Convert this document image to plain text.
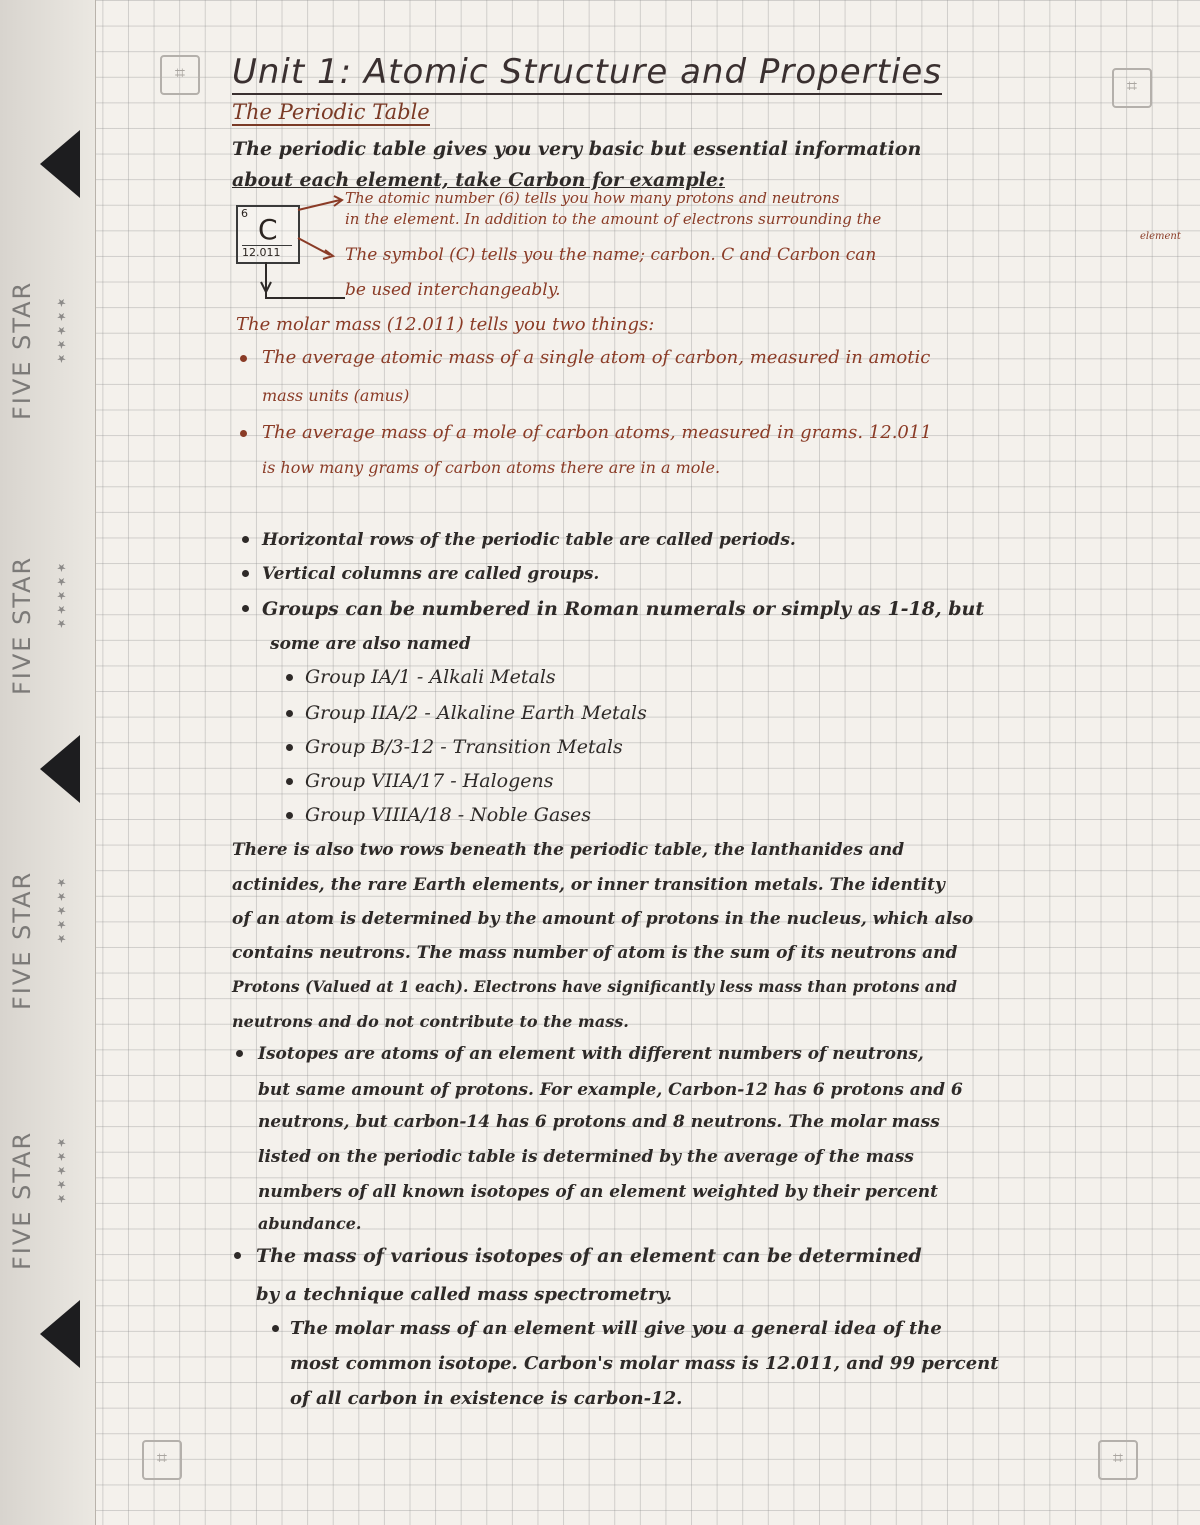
FIVE STAR	★★★★★
FIVE STAR	★★★★★
FIVE STAR	★★★★★
FIVE STAR	★★★★★
⌗
⌗
⌗	⌗
Unit 1: Atomic Structure and Properties
The Periodic Table
The periodic table gives you very basic but essential information
about each element, take Carbon for example:
6 C
12.011
The atomic number (6) tells you how many protons and neutrons
in the element. In addition to the amount of electrons surrounding the
element
The symbol (C) tells you the name; carbon. C and Carbon can
be used interchangeably.
The molar mass (12.011) tells you two things:
The average atomic mass of a single atom of carbon, measured in amotic
mass units (amus)
The average mass of a mole of carbon atoms, measured in grams. 12.011
is how many grams of carbon atoms there are in a mole.
Horizontal rows of the periodic table are called periods.
Vertical columns are called groups.
Groups can be numbered in Roman numerals or simply as 1-18, but
some are also named
Group IA/1 - Alkali Metals
Group IIA/2 - Alkaline Earth Metals
Group B/3-12 - Transition Metals
Group VIIA/17 - Halogens
Group VIIIA/18 - Noble Gases
There is also two rows beneath the periodic table, the lanthanides and
actinides, the rare Earth elements, or inner transition metals. The identity
of an atom is determined by the amount of protons in the nucleus, which also
contains neutrons. The mass number of atom is the sum of its neutrons and
Protons (Valued at 1 each). Electrons have significantly less mass than protons and
neutrons and do not contribute to the mass.
Isotopes are atoms of an element with different numbers of neutrons,
but same amount of protons. For example, Carbon-12 has 6 protons and 6
neutrons, but carbon-14 has 6 protons and 8 neutrons. The molar mass
listed on the periodic table is determined by the average of the mass
numbers of all known isotopes of an element weighted by their percent
abundance.
The mass of various isotopes of an element can be determined
by a technique called mass spectrometry.
The molar mass of an element will give you a general idea of the
most common isotope. Carbon's molar mass is 12.011, and 99 percent
of all carbon in existence is carbon-12.
